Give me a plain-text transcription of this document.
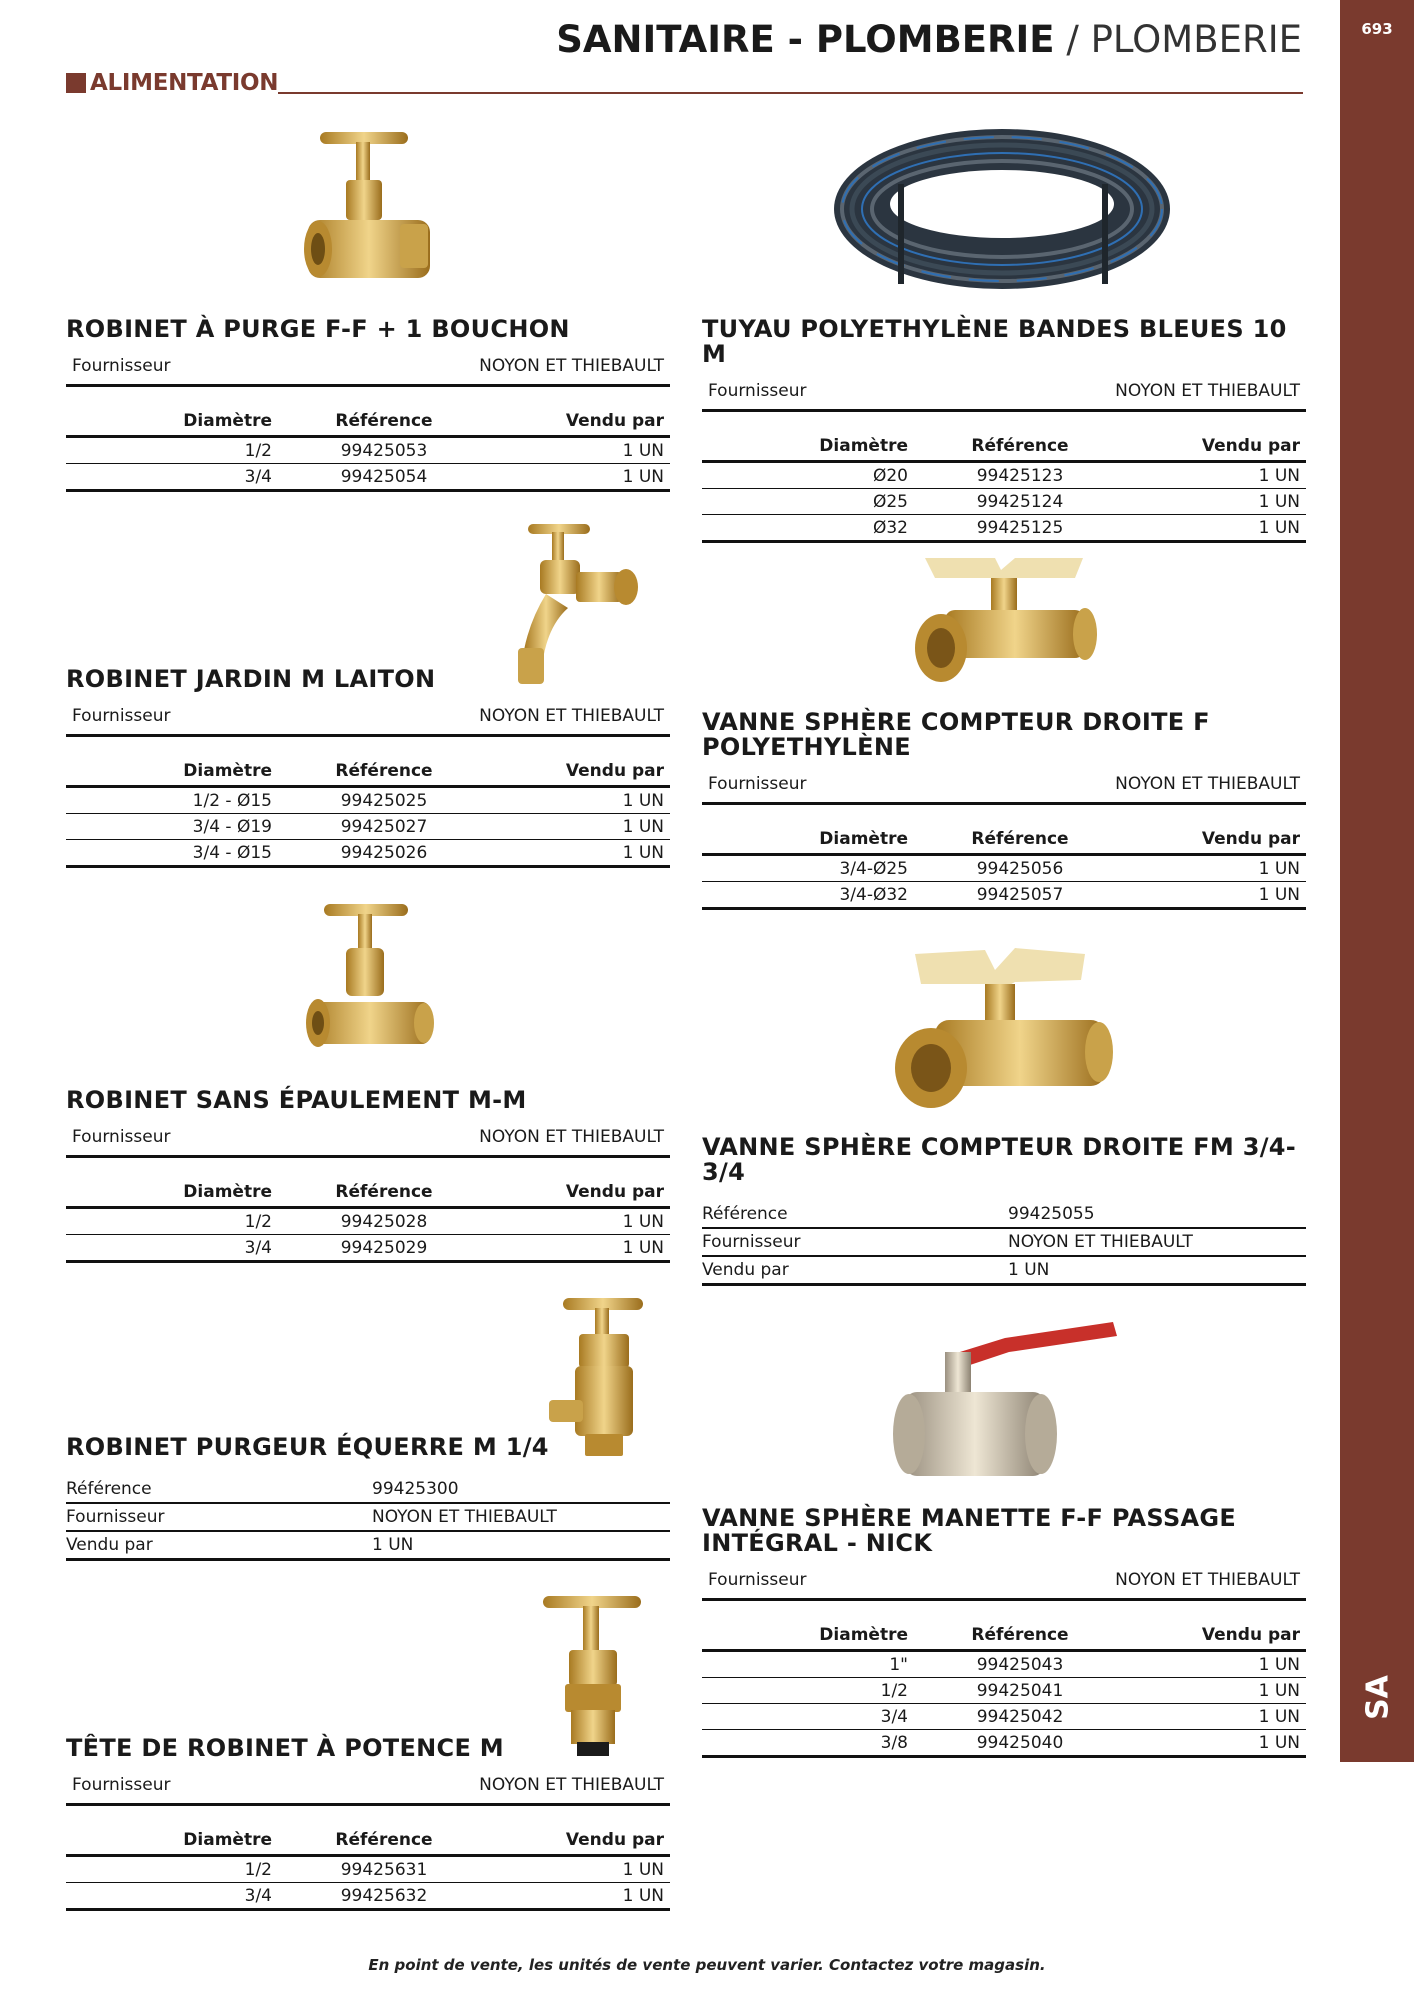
SANITAIRE - PLOMBERIE / PLOMBERIE
ALIMENTATION
693
SA
ROBINET À PURGE F-F + 1 BOUCHON
Fournisseur	NOYON ET THIEBAULT
Diamètre	Référence	Vendu par
1/2	99425053	1 UN
3/4	99425054	1 UN
TUYAU POLYETHYLÈNE BANDES BLEUES 10 M
Fournisseur	NOYON ET THIEBAULT
Diamètre	Référence	Vendu par
Ø20	99425123	1 UN
Ø25	99425124	1 UN
Ø32	99425125	1 UN
ROBINET JARDIN M LAITON
Fournisseur	NOYON ET THIEBAULT
Diamètre	Référence	Vendu par
1/2 - Ø15	99425025	1 UN
3/4 - Ø19	99425027	1 UN
3/4 - Ø15	99425026	1 UN
VANNE SPHÈRE COMPTEUR DROITE F
POLYETHYLÈNE
Fournisseur	NOYON ET THIEBAULT
Diamètre	Référence	Vendu par
3/4-Ø25	99425056	1 UN
3/4-Ø32	99425057	1 UN
ROBINET SANS ÉPAULEMENT M-M
Fournisseur	NOYON ET THIEBAULT
Diamètre	Référence	Vendu par
1/2	99425028	1 UN
3/4	99425029	1 UN
VANNE SPHÈRE COMPTEUR DROITE FM 3/4-
3/4
Référence	99425055
Fournisseur	NOYON ET THIEBAULT
Vendu par	1 UN
ROBINET PURGEUR ÉQUERRE M 1/4
Référence	99425300
Fournisseur	NOYON ET THIEBAULT
Vendu par	1 UN
VANNE SPHÈRE MANETTE F-F PASSAGE
INTÉGRAL - NICK
Fournisseur	NOYON ET THIEBAULT
Diamètre	Référence	Vendu par
1"	99425043	1 UN
1/2	99425041	1 UN
3/4	99425042	1 UN
3/8	99425040	1 UN
TÊTE DE ROBINET À POTENCE M
Fournisseur	NOYON ET THIEBAULT
Diamètre	Référence	Vendu par
1/2	99425631	1 UN
3/4	99425632	1 UN
En point de vente, les unités de vente peuvent varier. Contactez votre magasin.
